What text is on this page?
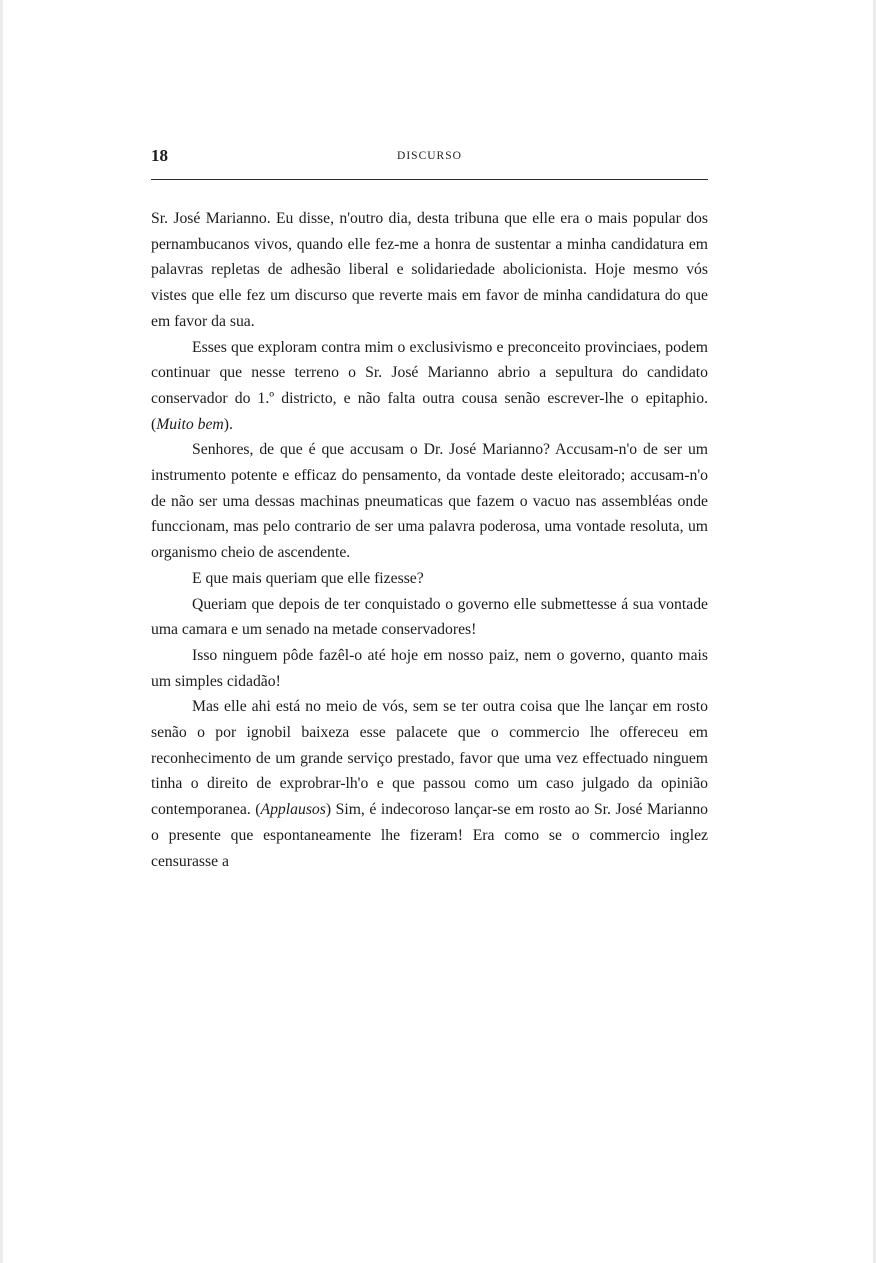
18	DISCURSO

Sr. José Marianno. Eu disse, n'outro dia, desta tribuna que elle era o mais popular dos pernambucanos vivos, quando elle fez-me a honra de sustentar a minha candidatura em palavras repletas de adhesão liberal e solidariedade abolicionista. Hoje mesmo vós vistes que elle fez um discurso que reverte mais em favor de minha candidatura do que em favor da sua.

Esses que exploram contra mim o exclusivismo e preconceito provinciaes, podem continuar que nesse terreno o Sr. José Marianno abrio a sepultura do candidato conservador do 1.º districto, e não falta outra cousa senão escrever-lhe o epitaphio. (Muito bem).

Senhores, de que é que accusam o Dr. José Marianno? Accusam-n'o de ser um instrumento potente e efficaz do pensamento, da vontade deste eleitorado; accusam-n'o de não ser uma dessas machinas pneumaticas que fazem o vacuo nas assembléas onde funccionam, mas pelo contrario de ser uma palavra poderosa, uma vontade resoluta, um organismo cheio de ascendente.

E que mais queriam que elle fizesse?

Queriam que depois de ter conquistado o governo elle submettesse á sua vontade uma camara e um senado na metade conservadores!

Isso ninguem pôde fazêl-o até hoje em nosso paiz, nem o governo, quanto mais um simples cidadão!

Mas elle ahi está no meio de vós, sem se ter outra coisa que lhe lançar em rosto senão o por ignobil baixeza esse palacete que o commercio lhe offereceu em reconhecimento de um grande serviço prestado, favor que uma vez effectuado ninguem tinha o direito de exprobrar-lh'o e que passou como um caso julgado da opinião contemporanea. (Applausos) Sim, é indecoroso lançar-se em rosto ao Sr. José Marianno o presente que espontaneamente lhe fizeram! Era como se o commercio inglez censurasse a
